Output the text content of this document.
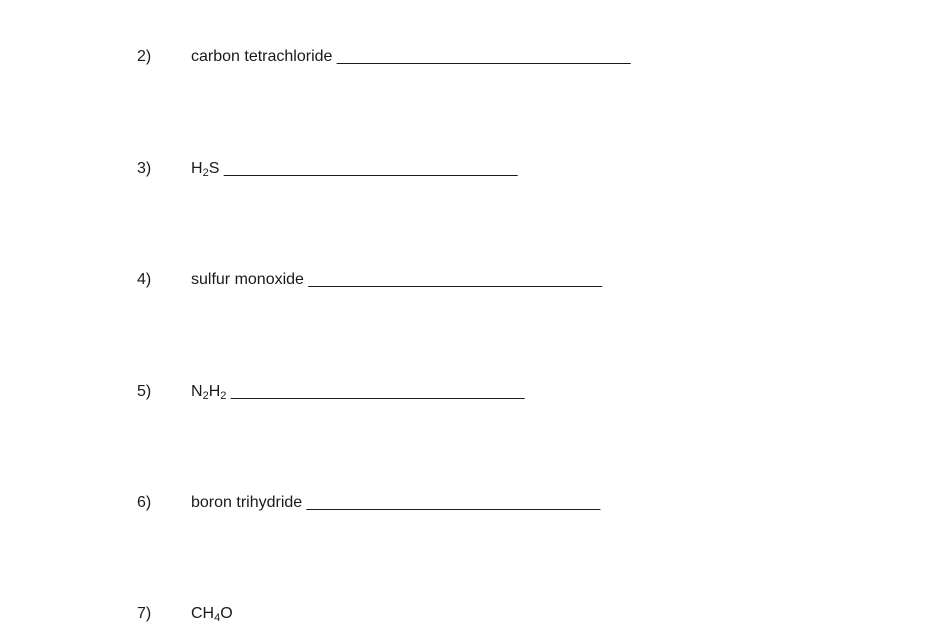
2) carbon tetrachloride _________________________________
3) $H_2S$ _________________________________
4) sulfur monoxide _________________________________
5) $N_2H_2$ _________________________________
6) boron trihydride _________________________________
7) $CH_4O$
